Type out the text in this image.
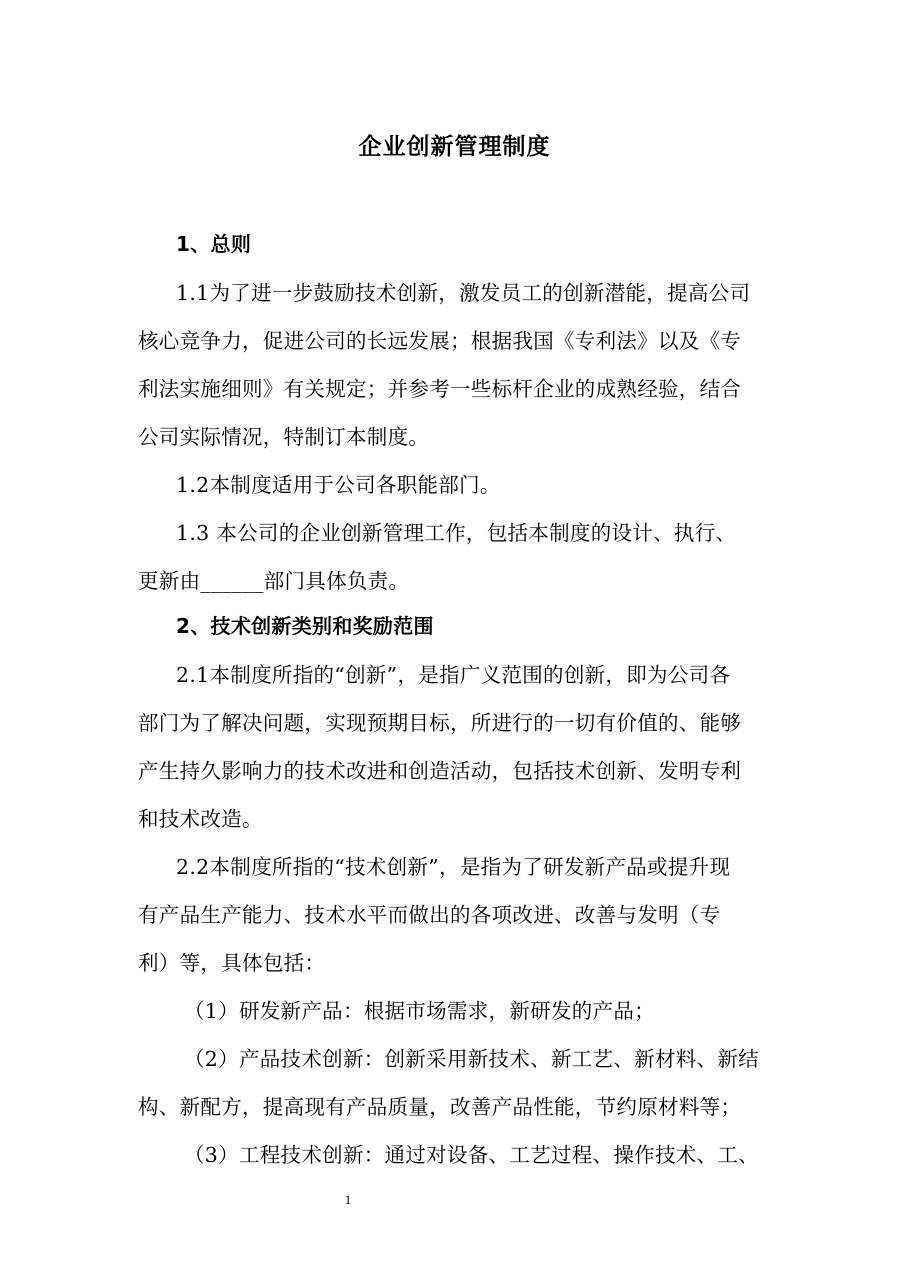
企业创新管理制度
1、总则
1.1为了进一步鼓励技术创新，激发员工的创新潜能，提高公司
核心竞争力，促进公司的长远发展；根据我国《专利法》以及《专
利法实施细则》有关规定；并参考一些标杆企业的成熟经验，结合
公司实际情况，特制订本制度。
1.2本制度适用于公司各职能部门。
1.3 本公司的企业创新管理工作，包括本制度的设计、执行、
更新由______部门具体负责。
2、技术创新类别和奖励范围
2.1本制度所指的“创新”，是指广义范围的创新，即为公司各
部门为了解决问题，实现预期目标，所进行的一切有价值的、能够
产生持久影响力的技术改进和创造活动，包括技术创新、发明专利
和技术改造。
2.2本制度所指的“技术创新”，是指为了研发新产品或提升现
有产品生产能力、技术水平而做出的各项改进、改善与发明（专
利）等，具体包括：
（1）研发新产品：根据市场需求，新研发的产品；
（2）产品技术创新：创新采用新技术、新工艺、新材料、新结
构、新配方，提高现有产品质量，改善产品性能，节约原材料等；
（3）工程技术创新：通过对设备、工艺过程、操作技术、工、
1
